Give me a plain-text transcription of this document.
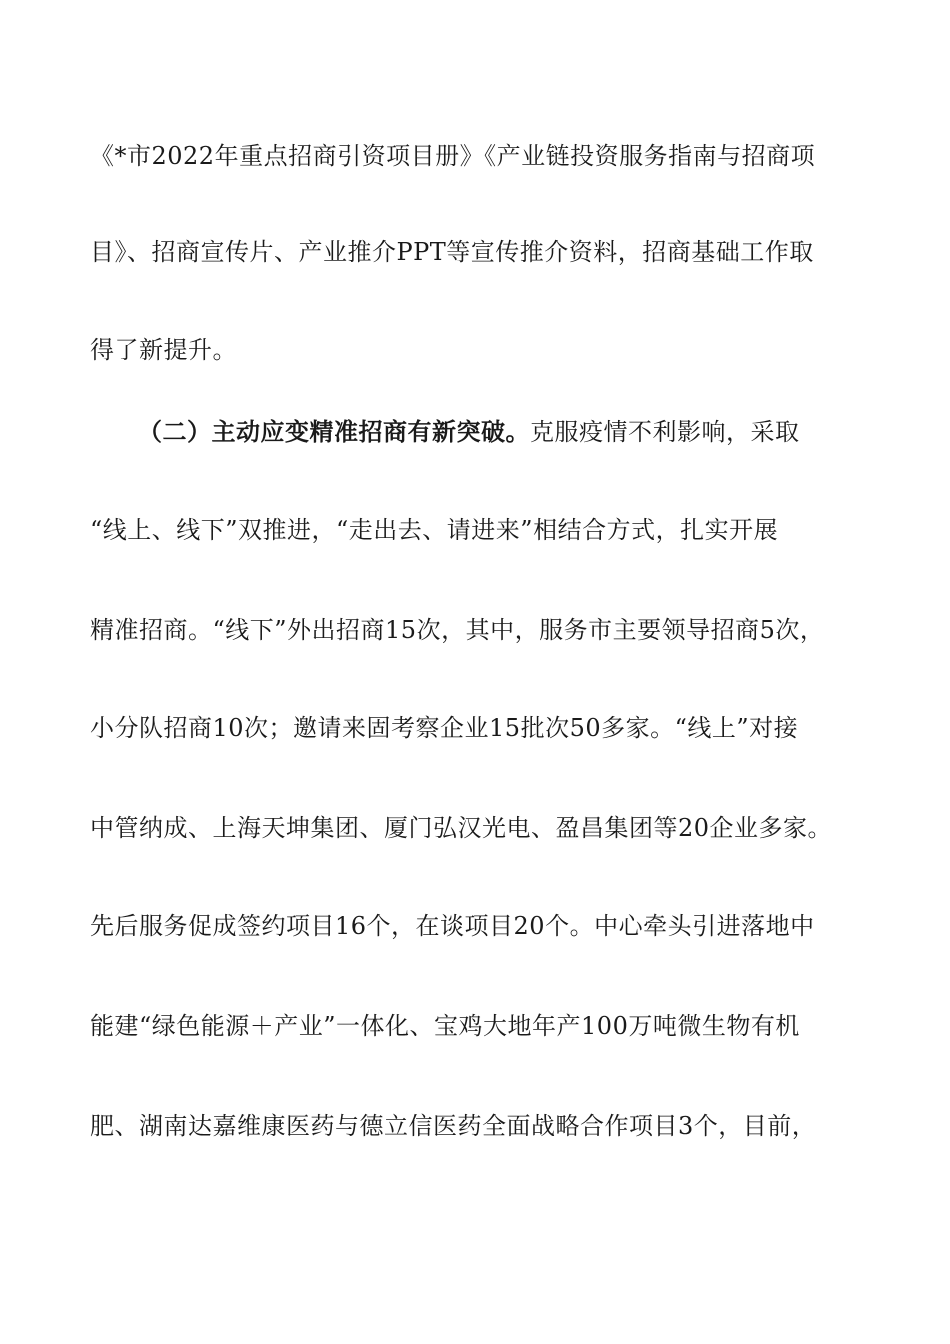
《*市2022年重点招商引资项目册》《产业链投资服务指南与招商项
目》、招商宣传片、产业推介PPT等宣传推介资料，招商基础工作取
得了新提升。
（二）主动应变精准招商有新突破。克服疫情不利影响，采取
“线上、线下”双推进，“走出去、请进来”相结合方式，扎实开展
精准招商。“线下”外出招商15次，其中，服务市主要领导招商5次，
小分队招商10次；邀请来固考察企业15批次50多家。“线上”对接
中管纳成、上海天坤集团、厦门弘汉光电、盈昌集团等20企业多家。
先后服务促成签约项目16个，在谈项目20个。中心牵头引进落地中
能建“绿色能源＋产业”一体化、宝鸡大地年产100万吨微生物有机
肥、湖南达嘉维康医药与德立信医药全面战略合作项目3个，目前，
